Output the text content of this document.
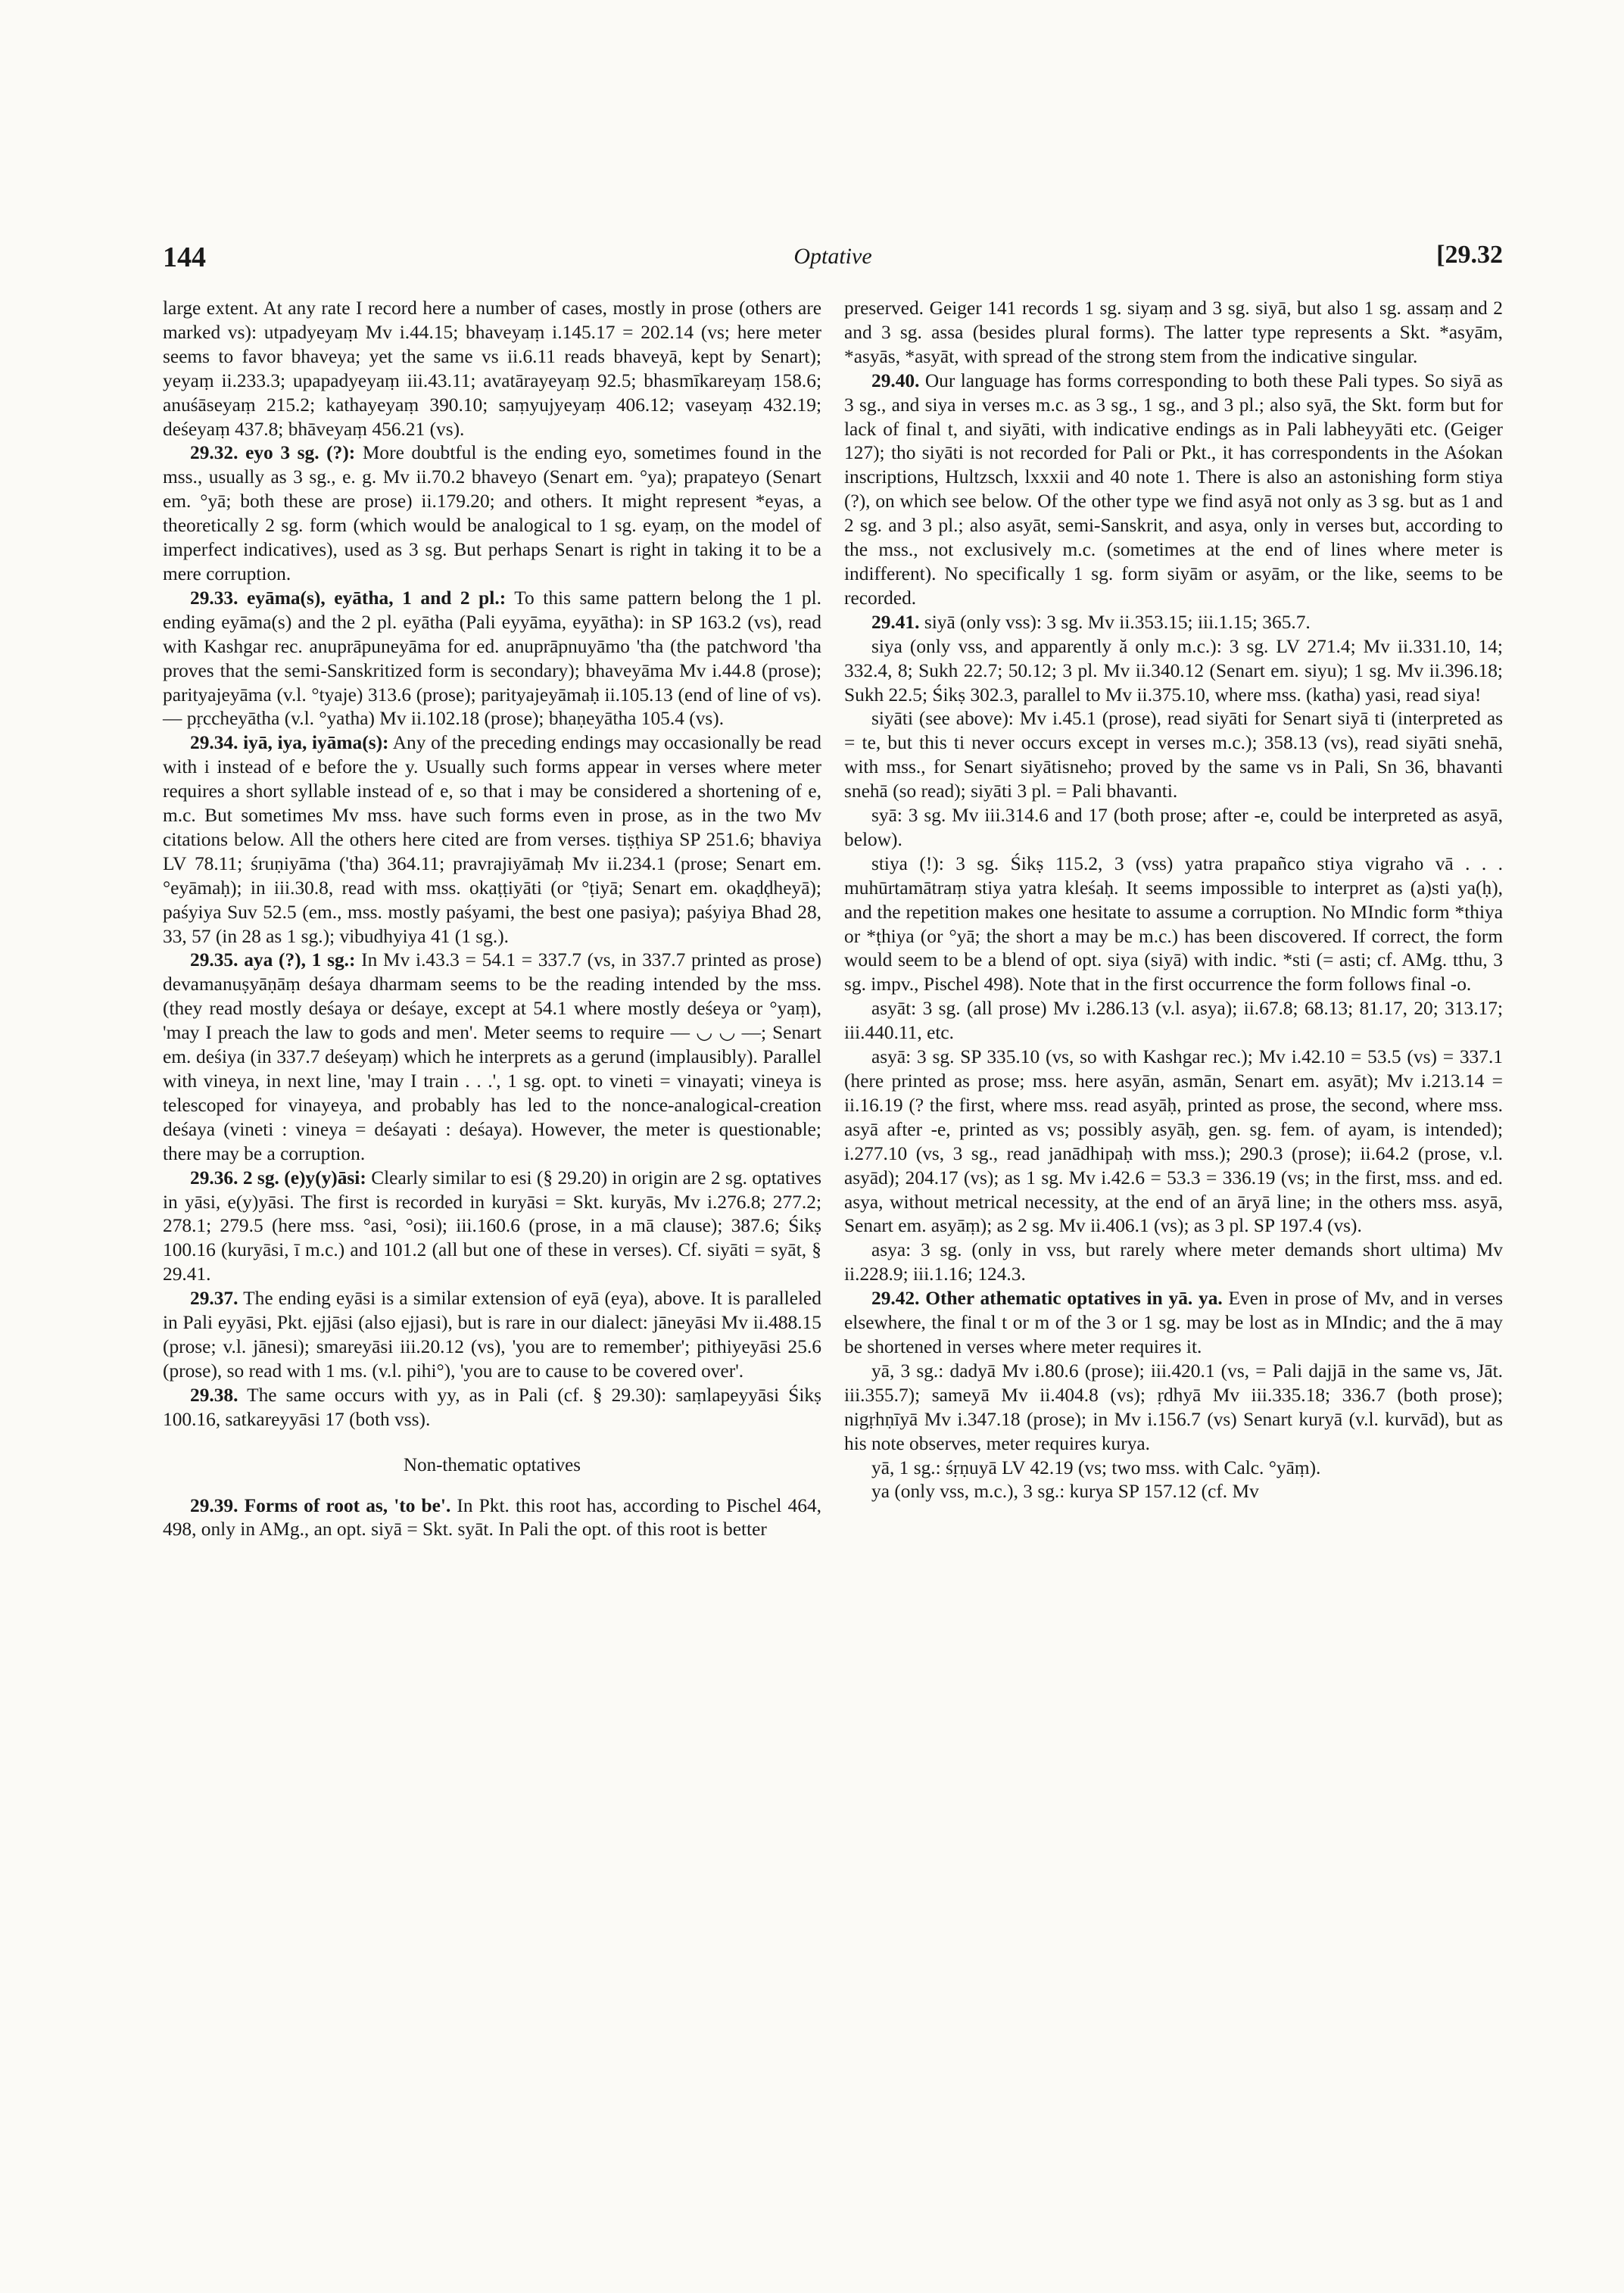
144	Optative	[29.32

large extent. At any rate I record here a number of cases, mostly in prose (others are marked vs): utpadyeyaṃ Mv i.44.15; bhaveyaṃ i.145.17 = 202.14 (vs; here meter seems to favor bhaveya; yet the same vs ii.6.11 reads bhaveyā, kept by Senart); yeyaṃ ii.233.3; upapadyeyaṃ iii.43.11; avatārayeyaṃ 92.5; bhasmīkareyaṃ 158.6; anuśāseyaṃ 215.2; kathayeyaṃ 390.10; saṃyujyeyaṃ 406.12; vaseyaṃ 432.19; deśeyaṃ 437.8; bhāveyaṃ 456.21 (vs).

29.32. eyo 3 sg. (?): More doubtful is the ending eyo, sometimes found in the mss., usually as 3 sg., e. g. Mv ii.70.2 bhaveyo (Senart em. °ya); prapateyo (Senart em. °yā; both these are prose) ii.179.20; and others. It might represent *eyas, a theoretically 2 sg. form (which would be analogical to 1 sg. eyaṃ, on the model of imperfect indicatives), used as 3 sg. But perhaps Senart is right in taking it to be a mere corruption.

29.33. eyāma(s), eyātha, 1 and 2 pl.: To this same pattern belong the 1 pl. ending eyāma(s) and the 2 pl. eyātha (Pali eyyāma, eyyātha): in SP 163.2 (vs), read with Kashgar rec. anuprāpuneyāma for ed. anuprāpnuyāmo 'tha (the patchword 'tha proves that the semi-Sanskritized form is secondary); bhaveyāma Mv i.44.8 (prose); parityajeyāma (v.l. °tyaje) 313.6 (prose); parityajeyāmaḥ ii.105.13 (end of line of vs). — pṛccheyātha (v.l. °yatha) Mv ii.102.18 (prose); bhaṇeyātha 105.4 (vs).

29.34. iyā, iya, iyāma(s): Any of the preceding endings may occasionally be read with i instead of e before the y. Usually such forms appear in verses where meter requires a short syllable instead of e, so that i may be considered a shortening of e, m.c. But sometimes Mv mss. have such forms even in prose, as in the two Mv citations below. All the others here cited are from verses. tiṣṭhiya SP 251.6; bhaviya LV 78.11; śruṇiyāma ('tha) 364.11; pravrajiyāmaḥ Mv ii.234.1 (prose; Senart em. °eyāmaḥ); in iii.30.8, read with mss. okaṭṭiyāti (or °ṭiyā; Senart em. okaḍḍheyā); paśyiya Suv 52.5 (em., mss. mostly paśyami, the best one pasiya); paśyiya Bhad 28, 33, 57 (in 28 as 1 sg.); vibudhyiya 41 (1 sg.).

29.35. aya (?), 1 sg.: In Mv i.43.3 = 54.1 = 337.7 (vs, in 337.7 printed as prose) devamanuṣyāṇāṃ deśaya dharmam seems to be the reading intended by the mss. (they read mostly deśaya or deśaye, except at 54.1 where mostly deśeya or °yaṃ), 'may I preach the law to gods and men'. Meter seems to require — ◡ ◡ —; Senart em. deśiya (in 337.7 deśeyaṃ) which he interprets as a gerund (implausibly). Parallel with vineya, in next line, 'may I train . . .', 1 sg. opt. to vineti = vinayati; vineya is telescoped for vinayeya, and probably has led to the nonce-analogical-creation deśaya (vineti : vineya = deśayati : deśaya). However, the meter is questionable; there may be a corruption.

29.36. 2 sg. (e)y(y)āsi: Clearly similar to esi (§ 29.20) in origin are 2 sg. optatives in yāsi, e(y)yāsi. The first is recorded in kuryāsi = Skt. kuryās, Mv i.276.8; 277.2; 278.1; 279.5 (here mss. °asi, °osi); iii.160.6 (prose, in a mā clause); 387.6; Śikṣ 100.16 (kuryāsi, ī m.c.) and 101.2 (all but one of these in verses). Cf. siyāti = syāt, § 29.41.

29.37. The ending eyāsi is a similar extension of eyā (eya), above. It is paralleled in Pali eyyāsi, Pkt. ejjāsi (also ejjasi), but is rare in our dialect: jāneyāsi Mv ii.488.15 (prose; v.l. jānesi); smareyāsi iii.20.12 (vs), 'you are to remember'; pithiyeyāsi 25.6 (prose), so read with 1 ms. (v.l. pihi°), 'you are to cause to be covered over'.

29.38. The same occurs with yy, as in Pali (cf. § 29.30): saṃlapeyyāsi Śikṣ 100.16, satkareyyāsi 17 (both vss).

Non-thematic optatives

29.39. Forms of root as, 'to be'. In Pkt. this root has, according to Pischel 464, 498, only in AMg., an opt. siyā = Skt. syāt. In Pali the opt. of this root is better

preserved. Geiger 141 records 1 sg. siyaṃ and 3 sg. siyā, but also 1 sg. assaṃ and 2 and 3 sg. assa (besides plural forms). The latter type represents a Skt. *asyām, *asyās, *asyāt, with spread of the strong stem from the indicative singular.

29.40. Our language has forms corresponding to both these Pali types. So siyā as 3 sg., and siya in verses m.c. as 3 sg., 1 sg., and 3 pl.; also syā, the Skt. form but for lack of final t, and siyāti, with indicative endings as in Pali labheyyāti etc. (Geiger 127); tho siyāti is not recorded for Pali or Pkt., it has correspondents in the Aśokan inscriptions, Hultzsch, lxxxii and 40 note 1. There is also an astonishing form stiya (?), on which see below. Of the other type we find asyā not only as 3 sg. but as 1 and 2 sg. and 3 pl.; also asyāt, semi-Sanskrit, and asya, only in verses but, according to the mss., not exclusively m.c. (sometimes at the end of lines where meter is indifferent). No specifically 1 sg. form siyām or asyām, or the like, seems to be recorded.

29.41. siyā (only vss): 3 sg. Mv ii.353.15; iii.1.15; 365.7.

siya (only vss, and apparently ă only m.c.): 3 sg. LV 271.4; Mv ii.331.10, 14; 332.4, 8; Sukh 22.7; 50.12; 3 pl. Mv ii.340.12 (Senart em. siyu); 1 sg. Mv ii.396.18; Sukh 22.5; Śikṣ 302.3, parallel to Mv ii.375.10, where mss. (katha) yasi, read siya!

siyāti (see above): Mv i.45.1 (prose), read siyāti for Senart siyā ti (interpreted as = te, but this ti never occurs except in verses m.c.); 358.13 (vs), read siyāti snehā, with mss., for Senart siyātisneho; proved by the same vs in Pali, Sn 36, bhavanti snehā (so read); siyāti 3 pl. = Pali bhavanti.

syā: 3 sg. Mv iii.314.6 and 17 (both prose; after -e, could be interpreted as asyā, below).

stiya (!): 3 sg. Śikṣ 115.2, 3 (vss) yatra prapañco stiya vigraho vā . . . muhūrtamātraṃ stiya yatra kleśaḥ. It seems impossible to interpret as (a)sti ya(ḥ), and the repetition makes one hesitate to assume a corruption. No MIndic form *thiya or *ṭhiya (or °yā; the short a may be m.c.) has been discovered. If correct, the form would seem to be a blend of opt. siya (siyā) with indic. *sti (= asti; cf. AMg. tthu, 3 sg. impv., Pischel 498). Note that in the first occurrence the form follows final -o.

asyāt: 3 sg. (all prose) Mv i.286.13 (v.l. asya); ii.67.8; 68.13; 81.17, 20; 313.17; iii.440.11, etc.

asyā: 3 sg. SP 335.10 (vs, so with Kashgar rec.); Mv i.42.10 = 53.5 (vs) = 337.1 (here printed as prose; mss. here asyān, asmān, Senart em. asyāt); Mv i.213.14 = ii.16.19 (? the first, where mss. read asyāḥ, printed as prose, the second, where mss. asyā after -e, printed as vs; possibly asyāḥ, gen. sg. fem. of ayam, is intended); i.277.10 (vs, 3 sg., read janādhipaḥ with mss.); 290.3 (prose); ii.64.2 (prose, v.l. asyād); 204.17 (vs); as 1 sg. Mv i.42.6 = 53.3 = 336.19 (vs; in the first, mss. and ed. asya, without metrical necessity, at the end of an āryā line; in the others mss. asyā, Senart em. asyāṃ); as 2 sg. Mv ii.406.1 (vs); as 3 pl. SP 197.4 (vs).

asya: 3 sg. (only in vss, but rarely where meter demands short ultima) Mv ii.228.9; iii.1.16; 124.3.

29.42. Other athematic optatives in yā. ya. Even in prose of Mv, and in verses elsewhere, the final t or m of the 3 or 1 sg. may be lost as in MIndic; and the ā may be shortened in verses where meter requires it.

yā, 3 sg.: dadyā Mv i.80.6 (prose); iii.420.1 (vs, = Pali dajjā in the same vs, Jāt. iii.355.7); sameyā Mv ii.404.8 (vs); ṛdhyā Mv iii.335.18; 336.7 (both prose); nigṛhṇīyā Mv i.347.18 (prose); in Mv i.156.7 (vs) Senart kuryā (v.l. kurvād), but as his note observes, meter requires kurya.

yā, 1 sg.: śṛṇuyā LV 42.19 (vs; two mss. with Calc. °yāṃ).

ya (only vss, m.c.), 3 sg.: kurya SP 157.12 (cf. Mv
